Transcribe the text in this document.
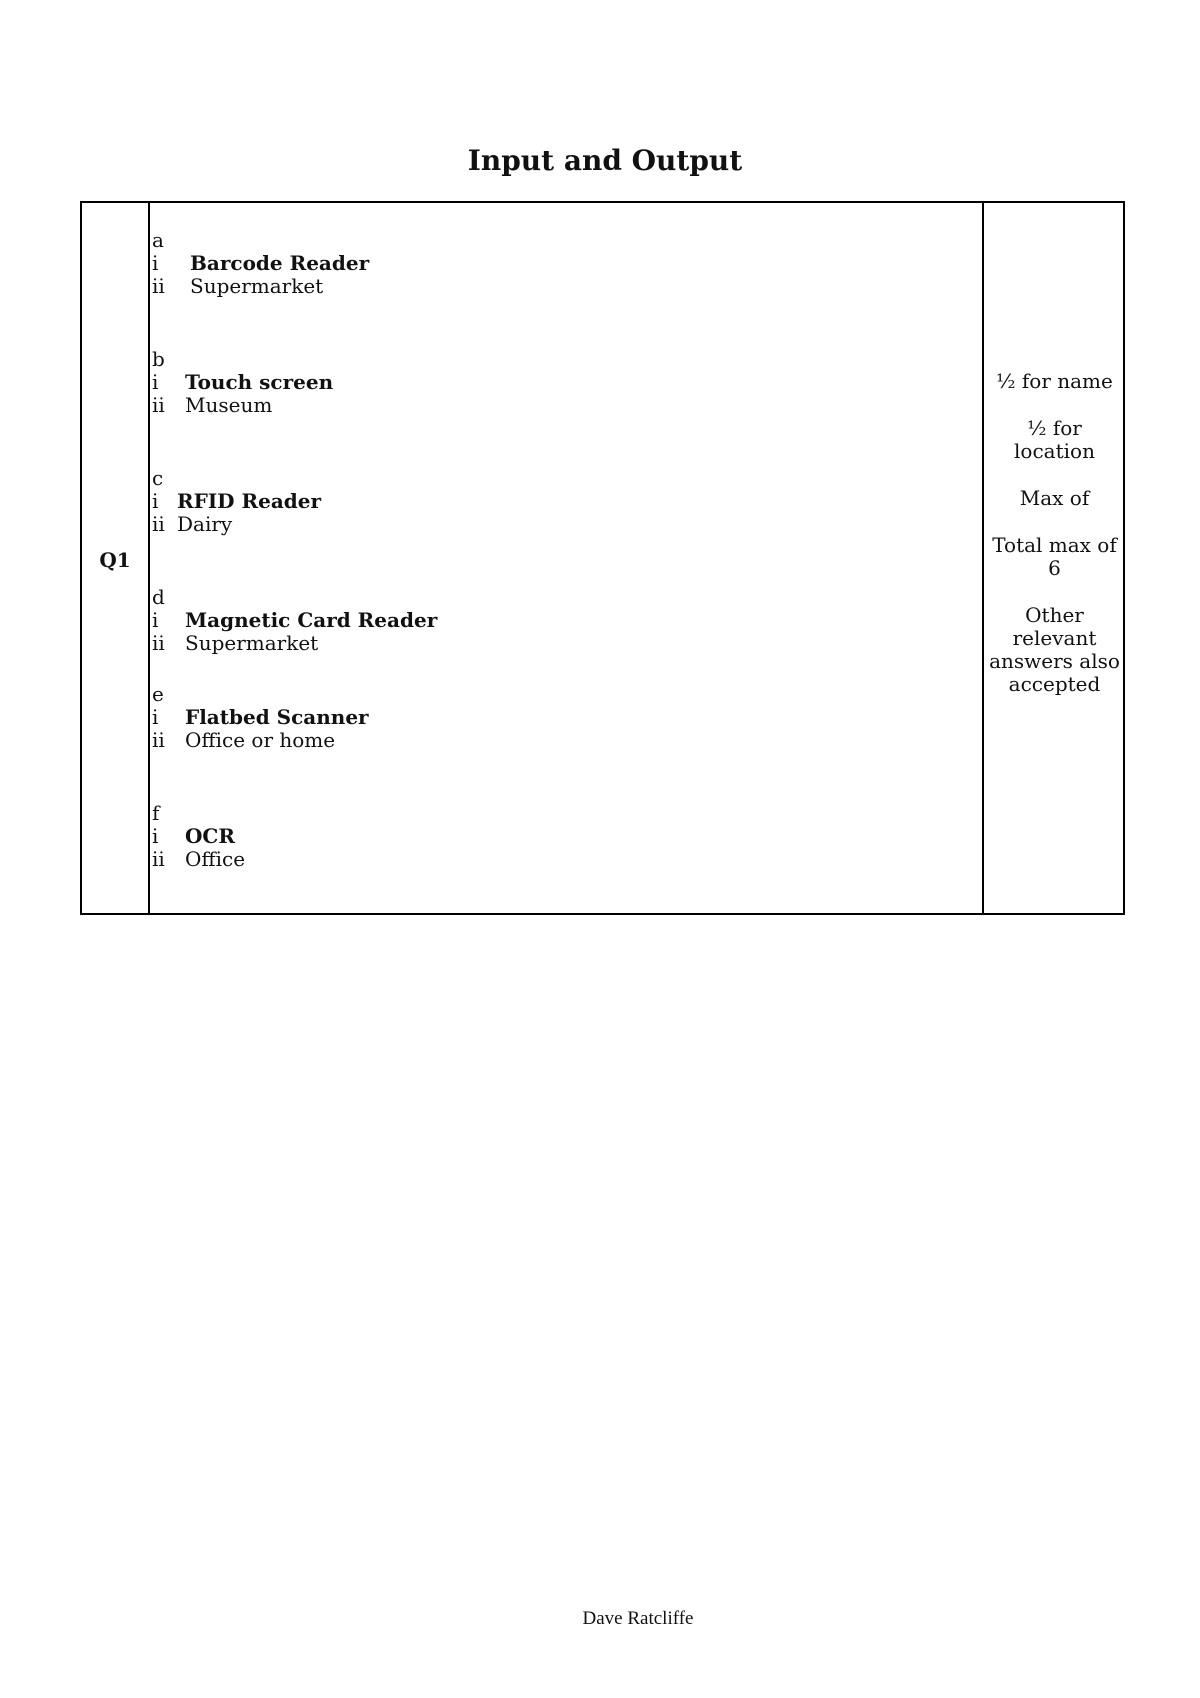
Input and Output
Q1
a
i Barcode Reader
ii Supermarket
b
i Touch screen
ii Museum
c
i RFID Reader
ii Dairy
d
i Magnetic Card Reader
ii Supermarket
e
i Flatbed Scanner
ii Office or home
f
i OCR
ii Office
½ for name
½ for location
Max of
Total max of 6
Other relevant answers also accepted
Dave Ratcliffe
